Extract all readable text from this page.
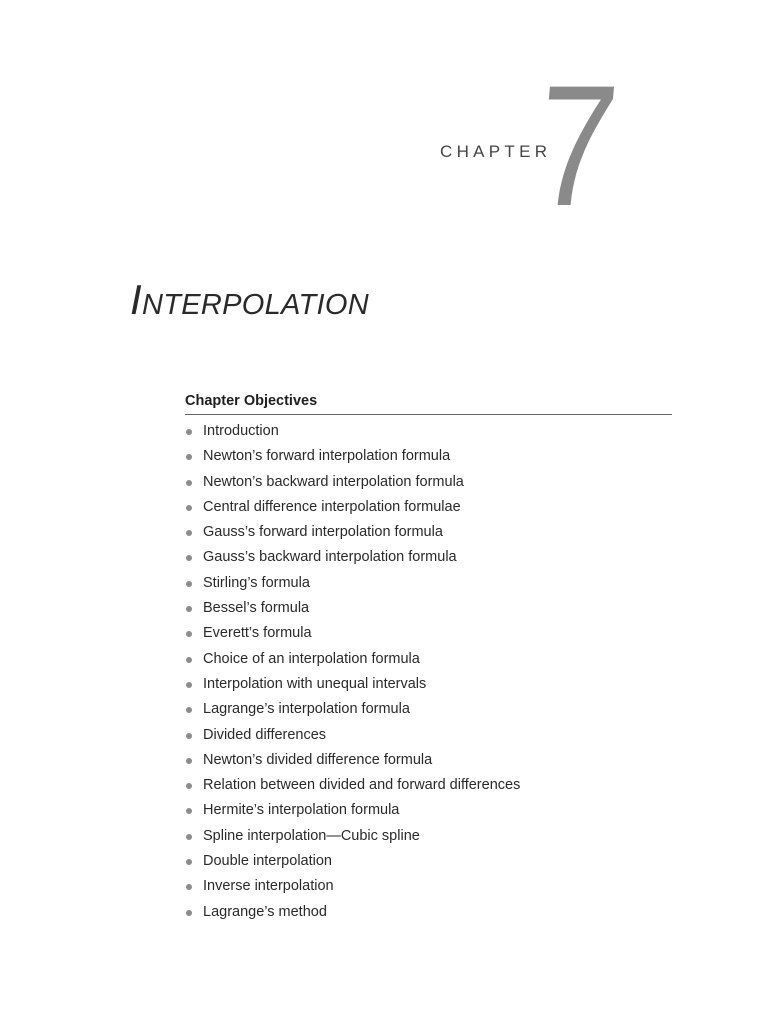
CHAPTER
7
Interpolation
Chapter Objectives
Introduction
Newton’s forward interpolation formula
Newton’s backward interpolation formula
Central difference interpolation formulae
Gauss’s forward interpolation formula
Gauss’s backward interpolation formula
Stirling’s formula
Bessel’s formula
Everett’s formula
Choice of an interpolation formula
Interpolation with unequal intervals
Lagrange’s interpolation formula
Divided differences
Newton’s divided difference formula
Relation between divided and forward differences
Hermite’s interpolation formula
Spline interpolation—Cubic spline
Double interpolation
Inverse interpolation
Lagrange’s method
